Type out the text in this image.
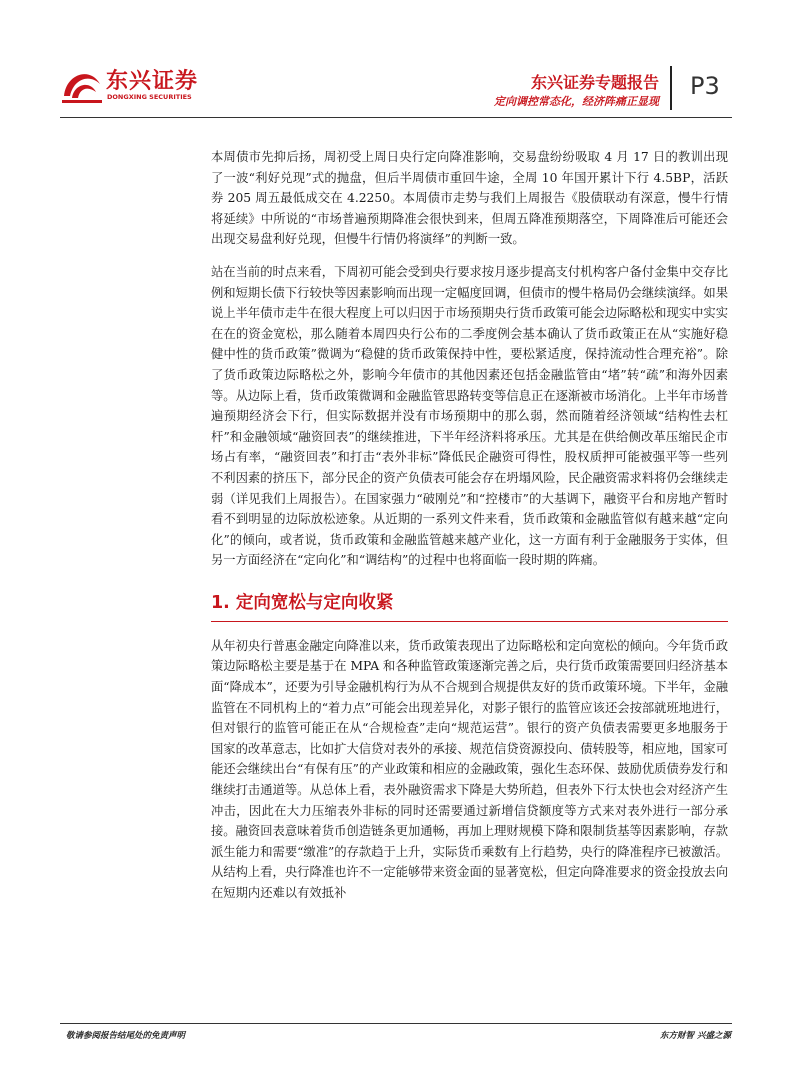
东兴证券
DONGXING SECURITIES
东兴证券专题报告
定向调控常态化，经济阵痛正显现
P3

本周债市先抑后扬，周初受上周日央行定向降准影响，交易盘纷纷吸取 4 月 17 日的教训出现了一波“利好兑现”式的抛盘，但后半周债市重回牛途，全周 10 年国开累计下行 4.5BP，活跃券 205 周五最低成交在 4.2250。本周债市走势与我们上周报告《股债联动有深意，慢牛行情将延续》中所说的“市场普遍预期降准会很快到来，但周五降准预期落空，下周降准后可能还会出现交易盘利好兑现，但慢牛行情仍将演绎”的判断一致。

站在当前的时点来看，下周初可能会受到央行要求按月逐步提高支付机构客户备付金集中交存比例和短期长债下行较快等因素影响而出现一定幅度回调，但债市的慢牛格局仍会继续演绎。如果说上半年债市走牛在很大程度上可以归因于市场预期央行货币政策可能会边际略松和现实中实实在在的资金宽松，那么随着本周四央行公布的二季度例会基本确认了货币政策正在从“实施好稳健中性的货币政策”微调为“稳健的货币政策保持中性，要松紧适度，保持流动性合理充裕”。除了货币政策边际略松之外，影响今年债市的其他因素还包括金融监管由“堵”转“疏”和海外因素等。从边际上看，货币政策微调和金融监管思路转变等信息正在逐渐被市场消化。上半年市场普遍预期经济会下行，但实际数据并没有市场预期中的那么弱，然而随着经济领域“结构性去杠杆”和金融领域“融资回表”的继续推进，下半年经济料将承压。尤其是在供给侧改革压缩民企市场占有率，“融资回表”和打击“表外非标”降低民企融资可得性，股权质押可能被强平等一些列不利因素的挤压下，部分民企的资产负债表可能会存在坍塌风险，民企融资需求料将仍会继续走弱（详见我们上周报告）。在国家强力“破刚兑”和“控楼市”的大基调下，融资平台和房地产暂时看不到明显的边际放松迹象。从近期的一系列文件来看，货币政策和金融监管似有越来越“定向化”的倾向，或者说，货币政策和金融监管越来越产业化，这一方面有利于金融服务于实体，但另一方面经济在“定向化”和“调结构”的过程中也将面临一段时期的阵痛。

1. 定向宽松与定向收紧

从年初央行普惠金融定向降准以来，货币政策表现出了边际略松和定向宽松的倾向。今年货币政策边际略松主要是基于在 MPA 和各种监管政策逐渐完善之后，央行货币政策需要回归经济基本面“降成本”，还要为引导金融机构行为从不合规到合规提供友好的货币政策环境。下半年，金融监管在不同机构上的“着力点”可能会出现差异化，对影子银行的监管应该还会按部就班地进行，但对银行的监管可能正在从“合规检查”走向“规范运营”。银行的资产负债表需要更多地服务于国家的改革意志，比如扩大信贷对表外的承接、规范信贷资源投向、债转股等，相应地，国家可能还会继续出台“有保有压”的产业政策和相应的金融政策，强化生态环保、鼓励优质债券发行和继续打击通道等。从总体上看，表外融资需求下降是大势所趋，但表外下行太快也会对经济产生冲击，因此在大力压缩表外非标的同时还需要通过新增信贷额度等方式来对表外进行一部分承接。融资回表意味着货币创造链条更加通畅，再加上理财规模下降和限制货基等因素影响，存款派生能力和需要“缴准”的存款趋于上升，实际货币乘数有上行趋势，央行的降准程序已被激活。从结构上看，央行降准也许不一定能够带来资金面的显著宽松，但定向降准要求的资金投放去向在短期内还难以有效抵补

敬请参阅报告结尾处的免责声明	东方财智 兴盛之源
